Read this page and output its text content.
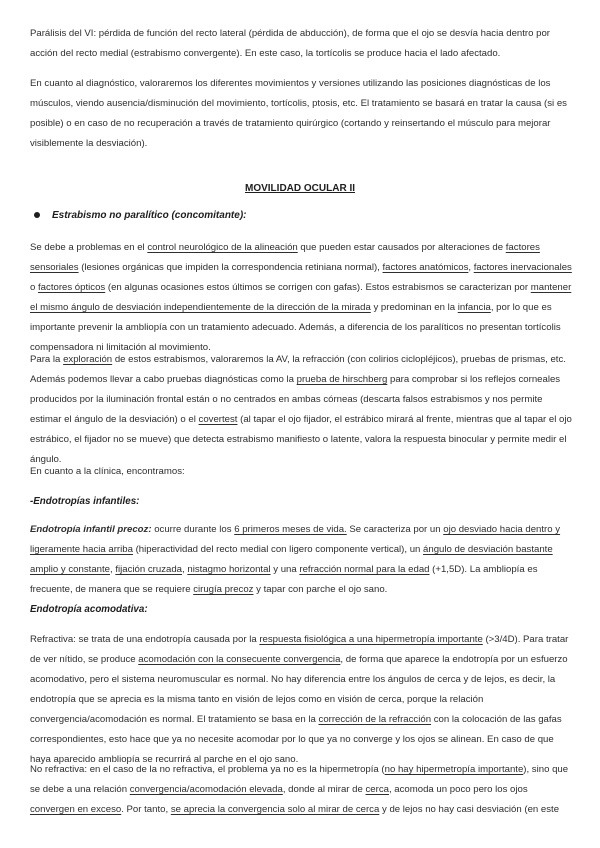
Parálisis del VI: pérdida de función del recto lateral (pérdida de abducción), de forma que el ojo se desvía hacia dentro por acción del recto medial (estrabismo convergente). En este caso, la tortícolis se produce hacia el lado afectado.

En cuanto al diagnóstico, valoraremos los diferentes movimientos y versiones utilizando las posiciones diagnósticas de los músculos, viendo ausencia/disminución del movimiento, tortícolis, ptosis, etc. El tratamiento se basará en tratar la causa (si es posible) o en caso de no recuperación a través de tratamiento quirúrgico (cortando y reinsertando el músculo para mejorar visiblemente la desviación).

MOVILIDAD OCULAR II
Estrabismo no paralítico (concomitante):

Se debe a problemas en el control neurológico de la alineación que pueden estar causados por alteraciones de factores sensoriales (lesiones orgánicas que impiden la correspondencia retiniana normal), factores anatómicos, factores inervacionales o factores ópticos (en algunas ocasiones estos últimos se corrigen con gafas). Estos estrabismos se caracterizan por mantener el mismo ángulo de desviación independientemente de la dirección de la mirada y predominan en la infancia, por lo que es importante prevenir la ambliopía con un tratamiento adecuado. Además, a diferencia de los paralíticos no presentan tortícolis compensadora ni limitación al movimiento.

Para la exploración de estos estrabismos, valoraremos la AV, la refracción (con colirios ciclopléjicos), pruebas de prismas, etc. Además podemos llevar a cabo pruebas diagnósticas como la prueba de hirschberg para comprobar si los reflejos corneales producidos por la iluminación frontal están o no centrados en ambas córneas (descarta falsos estrabismos y nos permite estimar el ángulo de la desviación) o el covertest (al tapar el ojo fijador, el estrábico mirará al frente, mientras que al tapar el ojo estrábico, el fijador no se mueve) que detecta estrabismo manifiesto o latente, valora la respuesta binocular y permite medir el ángulo.

En cuanto a la clínica, encontramos:

-Endotropías infantiles:

Endotropía infantil precoz: ocurre durante los 6 primeros meses de vida. Se caracteriza por un ojo desviado hacia dentro y ligeramente hacia arriba (hiperactividad del recto medial con ligero componente vertical), un ángulo de desviación bastante amplio y constante, fijación cruzada, nistagmo horizontal y una refracción normal para la edad (+1,5D). La ambliopía es frecuente, de manera que se requiere cirugía precoz y tapar con parche el ojo sano.

Endotropía acomodativa:

Refractiva: se trata de una endotropía causada por la respuesta fisiológica a una hipermetropía importante (>3/4D). Para tratar de ver nítido, se produce acomodación con la consecuente convergencia, de forma que aparece la endotropía por un esfuerzo acomodativo, pero el sistema neuromuscular es normal. No hay diferencia entre los ángulos de cerca y de lejos, es decir, la endotropía que se aprecia es la misma tanto en visión de lejos como en visión de cerca, porque la relación convergencia/acomodación es normal. El tratamiento se basa en la corrección de la refracción con la colocación de las gafas correspondientes, esto hace que ya no necesite acomodar por lo que ya no converge y los ojos se alinean. En caso de que haya aparecido ambliopía se recurrirá al parche en el ojo sano.

No refractiva: en el caso de la no refractiva, el problema ya no es la hipermetropía (no hay hipermetropía importante), sino que se debe a una relación convergencia/acomodación elevada, donde al mirar de cerca, acomoda un poco pero los ojos convergen en exceso. Por tanto, se aprecia la convergencia solo al mirar de cerca y de lejos no hay casi desviación (en este
